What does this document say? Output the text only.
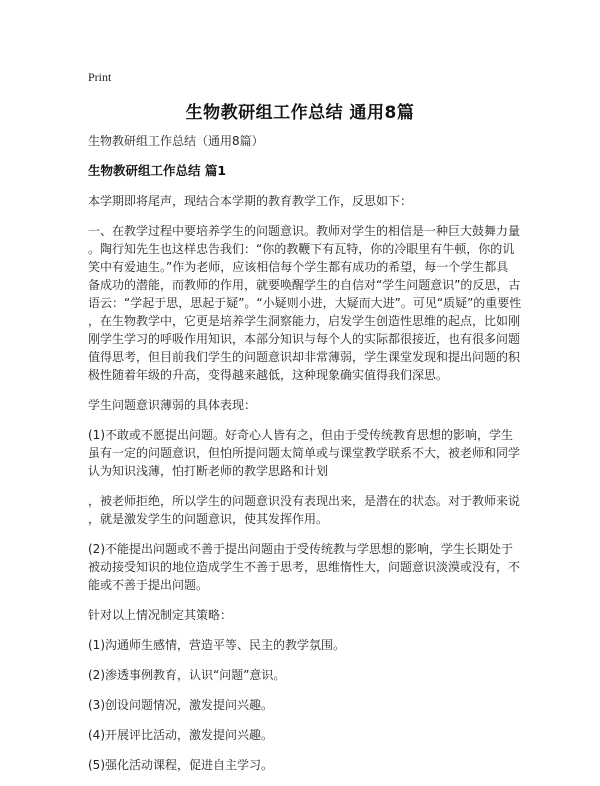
Print
生物教研组工作总结 通用8篇
生物教研组工作总结（通用8篇）
生物教研组工作总结 篇1
本学期即将尾声，现结合本学期的教育教学工作，反思如下：
一、在教学过程中要培养学生的问题意识。教师对学生的相信是一种巨大鼓舞力量
。陶行知先生也这样忠告我们：“你的教鞭下有瓦特，你的冷眼里有牛顿，你的讥
笑中有爱迪生。”作为老师，应该相信每个学生都有成功的希望，每一个学生都具
备成功的潜能，而教师的作用，就要唤醒学生的自信对“学生问题意识”的反思，古
语云：“学起于思，思起于疑”。“小疑则小进，大疑而大进”。可见“质疑”的重要性
，在生物教学中，它更是培养学生洞察能力，启发学生创造性思维的起点，比如刚
刚学生学习的呼吸作用知识，本部分知识与每个人的实际都很接近，也有很多问题
值得思考，但目前我们学生的问题意识却非常薄弱，学生课堂发现和提出问题的积
极性随着年级的升高，变得越来越低，这种现象确实值得我们深思。
学生问题意识薄弱的具体表现：
(1)不敢或不愿提出问题。好奇心人皆有之，但由于受传统教育思想的影响，学生
虽有一定的问题意识，但怕所提问题太简单或与课堂教学联系不大，被老师和同学
认为知识浅薄，怕打断老师的教学思路和计划
，被老师拒绝，所以学生的问题意识没有表现出来，是潜在的状态。对于教师来说
，就是激发学生的问题意识，使其发挥作用。
(2)不能提出问题或不善于提出问题由于受传统教与学思想的影响，学生长期处于
被动接受知识的地位造成学生不善于思考，思维惰性大，问题意识淡漠或没有，不
能或不善于提出问题。
针对以上情况制定其策略：
(1)沟通师生感情，营造平等、民主的教学氛围。
(2)渗透事例教育，认识“问题”意识。
(3)创设问题情况，激发提问兴趣。
(4)开展评比活动，激发提问兴趣。
(5)强化活动课程，促进自主学习。
